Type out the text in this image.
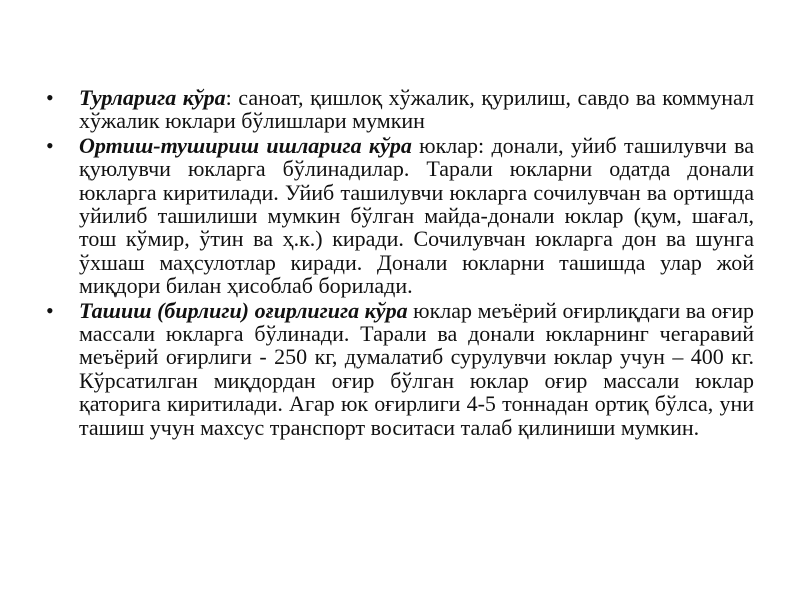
• Турларига кўра: саноат, қишлоқ хўжалик, қурилиш, савдо ва коммунал хўжалик юклари бўлишлари мумкин
• Ортиш-тушириш ишларига кўра юклар: донали, уйиб ташилувчи ва қуюлувчи юкларга бўлинадилар. Тарали юкларни одатда донали юкларга киритилади. Уйиб ташилувчи юкларга сочилувчан ва ортишда уйилиб ташилиши мумкин бўлган майда-донали юклар (қум, шағал, тош кўмир, ўтин ва ҳ.к.) киради. Сочилувчан юкларга дон ва шунга ўхшаш маҳсулотлар киради. Донали юкларни ташишда улар жой миқдори билан ҳисоблаб борилади.
• Ташиш (бирлиги) оғирлигига кўра юклар меъёрий оғирлиқдаги ва оғир массали юкларга бўлинади. Тарали ва донали юкларнинг чегаравий меъёрий оғирлиги - 250 кг, думалатиб сурулувчи юклар учун – 400 кг. Кўрсатилган миқдордан оғир бўлган юклар оғир массали юклар қаторига киритилади. Агар юк оғирлиги 4-5 тоннадан ортиқ бўлса, уни ташиш учун махсус транспорт воситаси талаб қилиниши мумкин.
